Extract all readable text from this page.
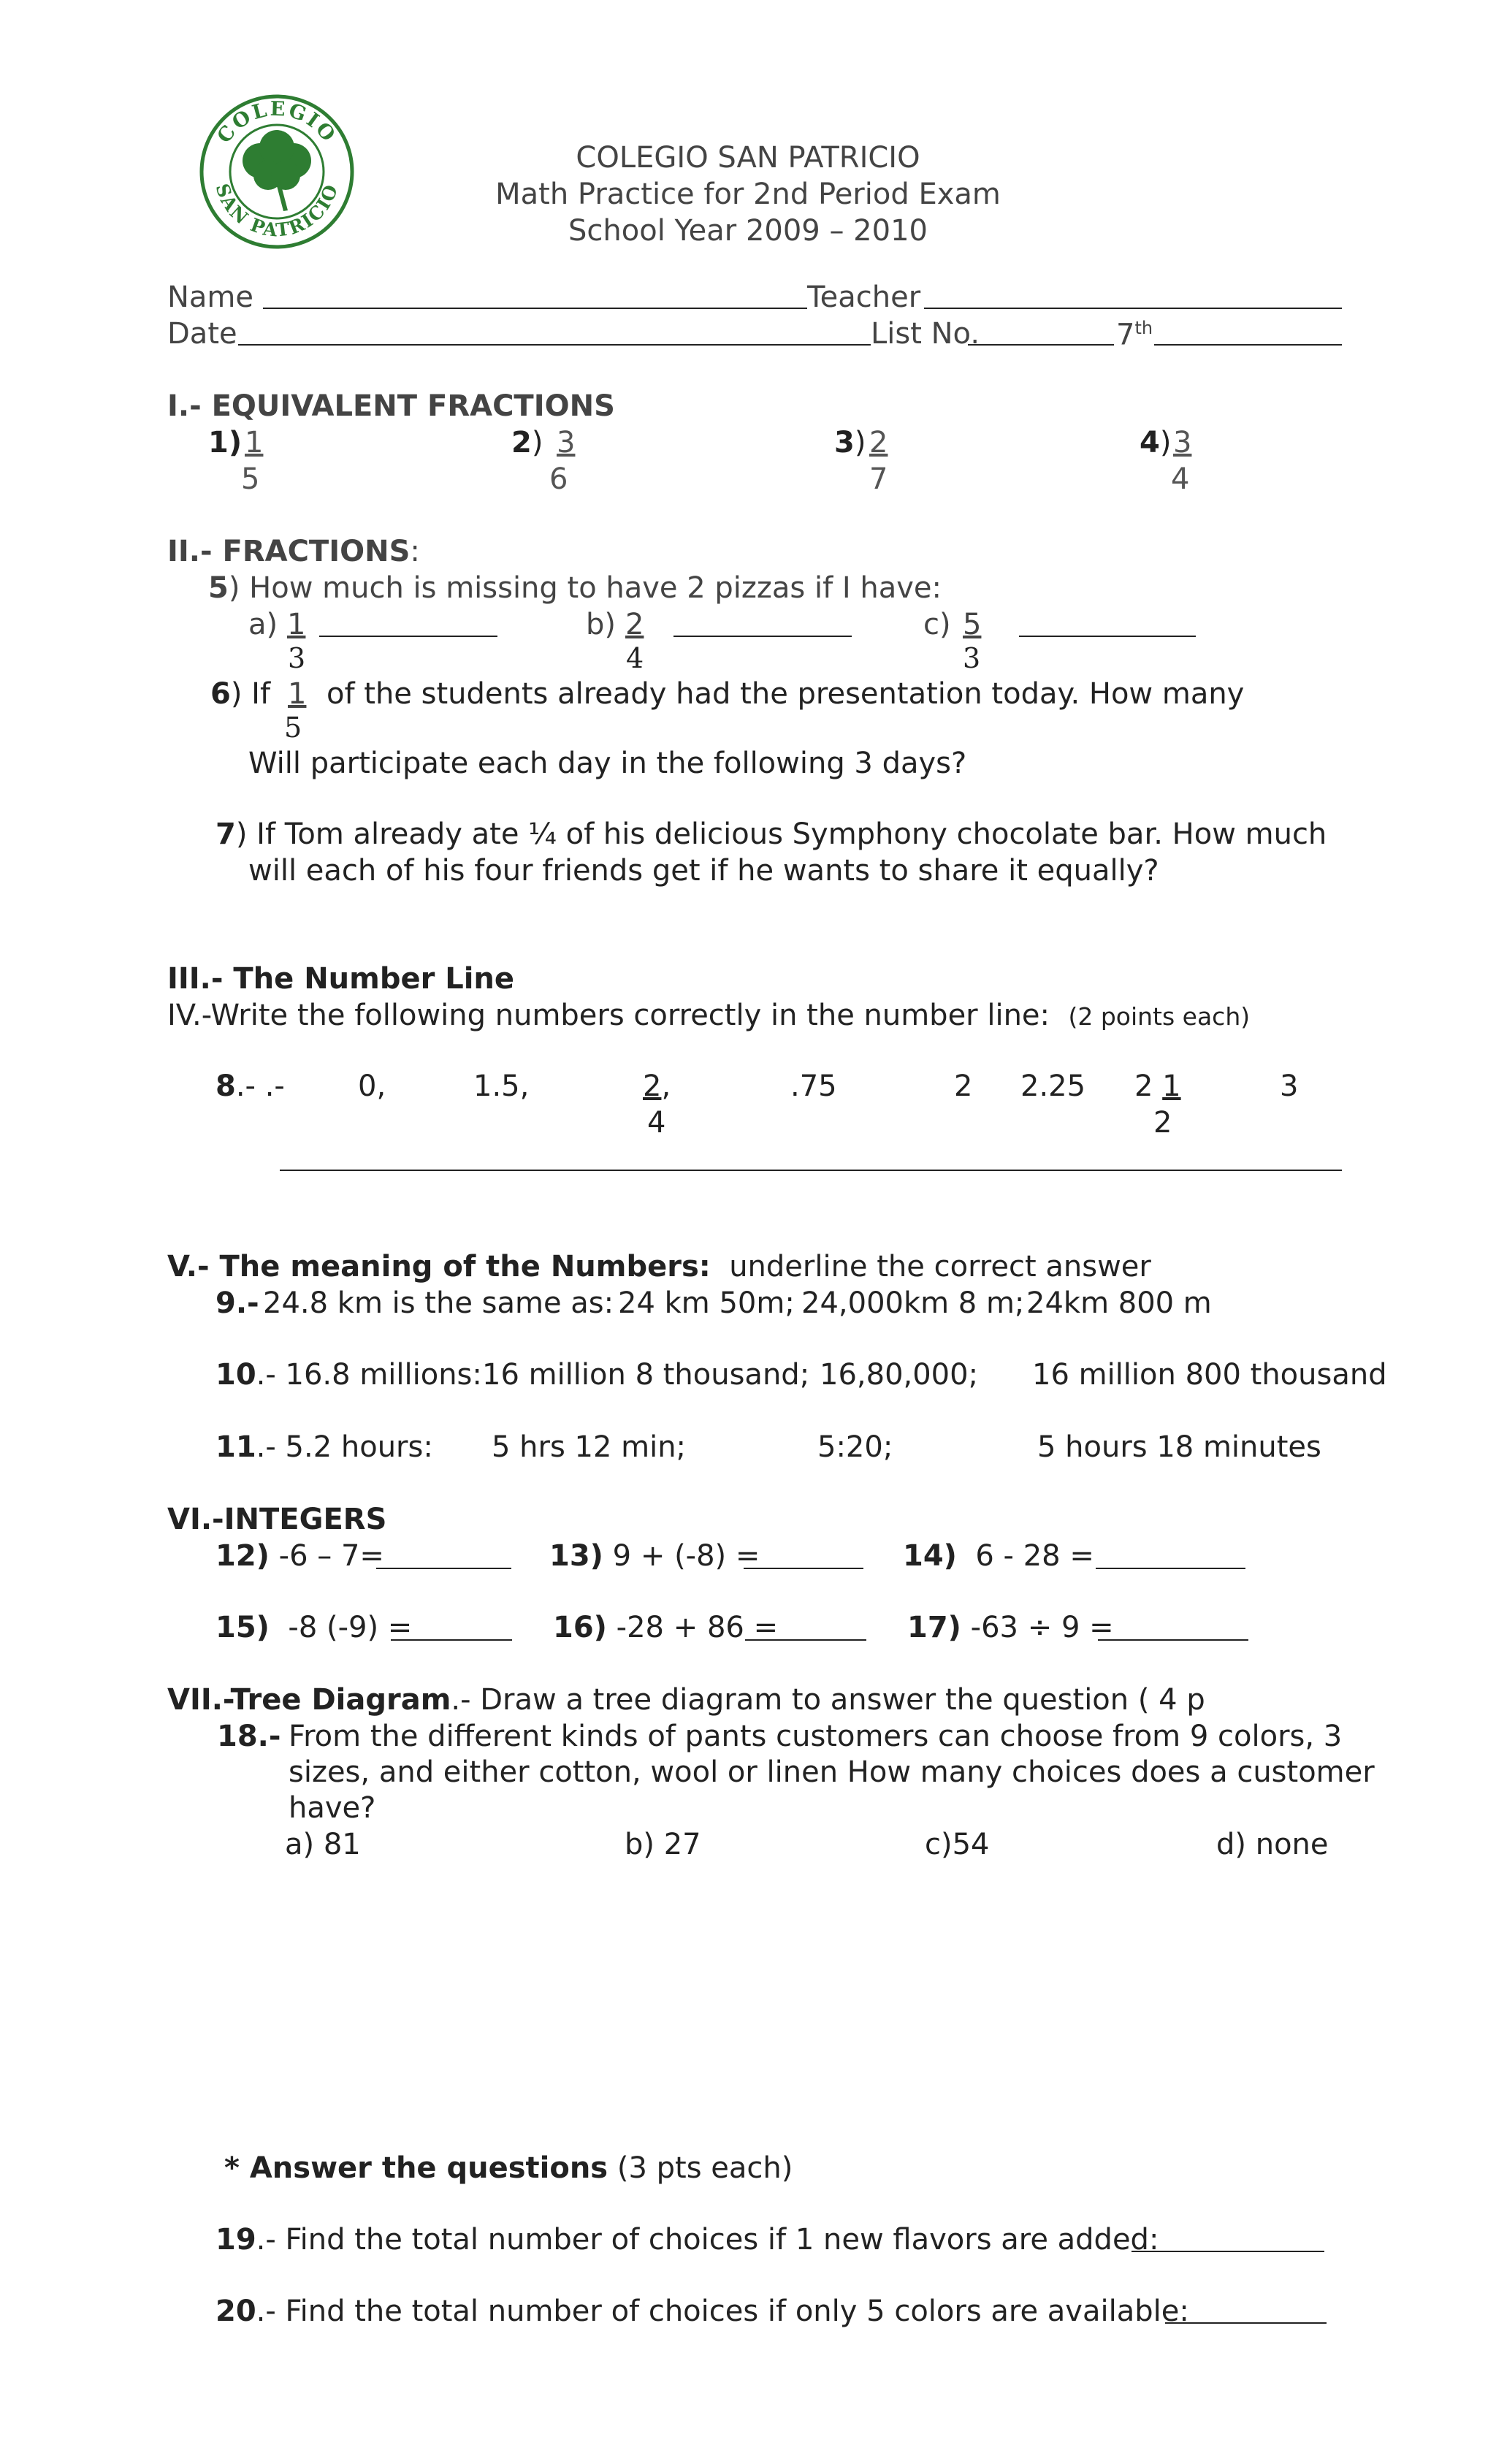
COLEGIO
SAN PATRICIO
COLEGIO SAN PATRICIO
Math Practice for 2nd Period Exam
School Year 2009 – 2010
Name	Teacher
Date	List No.	7th
I.- EQUIVALENT FRACTIONS
1) 1
5
2) 3
6
3) 2
7
4) 3
4
II.- FRACTIONS:
5) How much is missing to have 2 pizzas if I have:
a) 1
3
b) 2
4
c) 5
3
6) If 1
5
of the students already had the presentation today. How many
Will participate each day in the following 3 days?
7) If Tom already ate ¼ of his delicious Symphony chocolate bar. How much
will each of his four friends get if he wants to share it equally?
III.- The Number Line
IV.-Write the following numbers correctly in the number line: (2 points each)
8.- .-	0,	1.5,	2,
4
.75	2 2.25 2 1
2
3
V.- The meaning of the Numbers: underline the correct answer
9.- 24.8 km is the same as: 24 km 50m; 24,000km 8 m; 24km 800 m
10.- 16.8 millions: 16 million 8 thousand; 16,80,000; 16 million 800 thousand
11.- 5.2 hours: 5 hrs 12 min;	5:20;	5 hours 18 minutes
VI.-INTEGERS
12) -6 – 7=	13) 9 + (-8) =	14) 6 - 28 =
15) -8 (-9) =	16) -28 + 86 =	17) -63 ÷ 9 =
VII.-Tree Diagram.- Draw a tree diagram to answer the question ( 4 p
18.- From the different kinds of pants customers can choose from 9 colors, 3
sizes, and either cotton, wool or linen How many choices does a customer
have?
a) 81	b) 27	c)54	d) none
* Answer the questions (3 pts each)
19.- Find the total number of choices if 1 new flavors are added:
20.- Find the total number of choices if only 5 colors are available:
